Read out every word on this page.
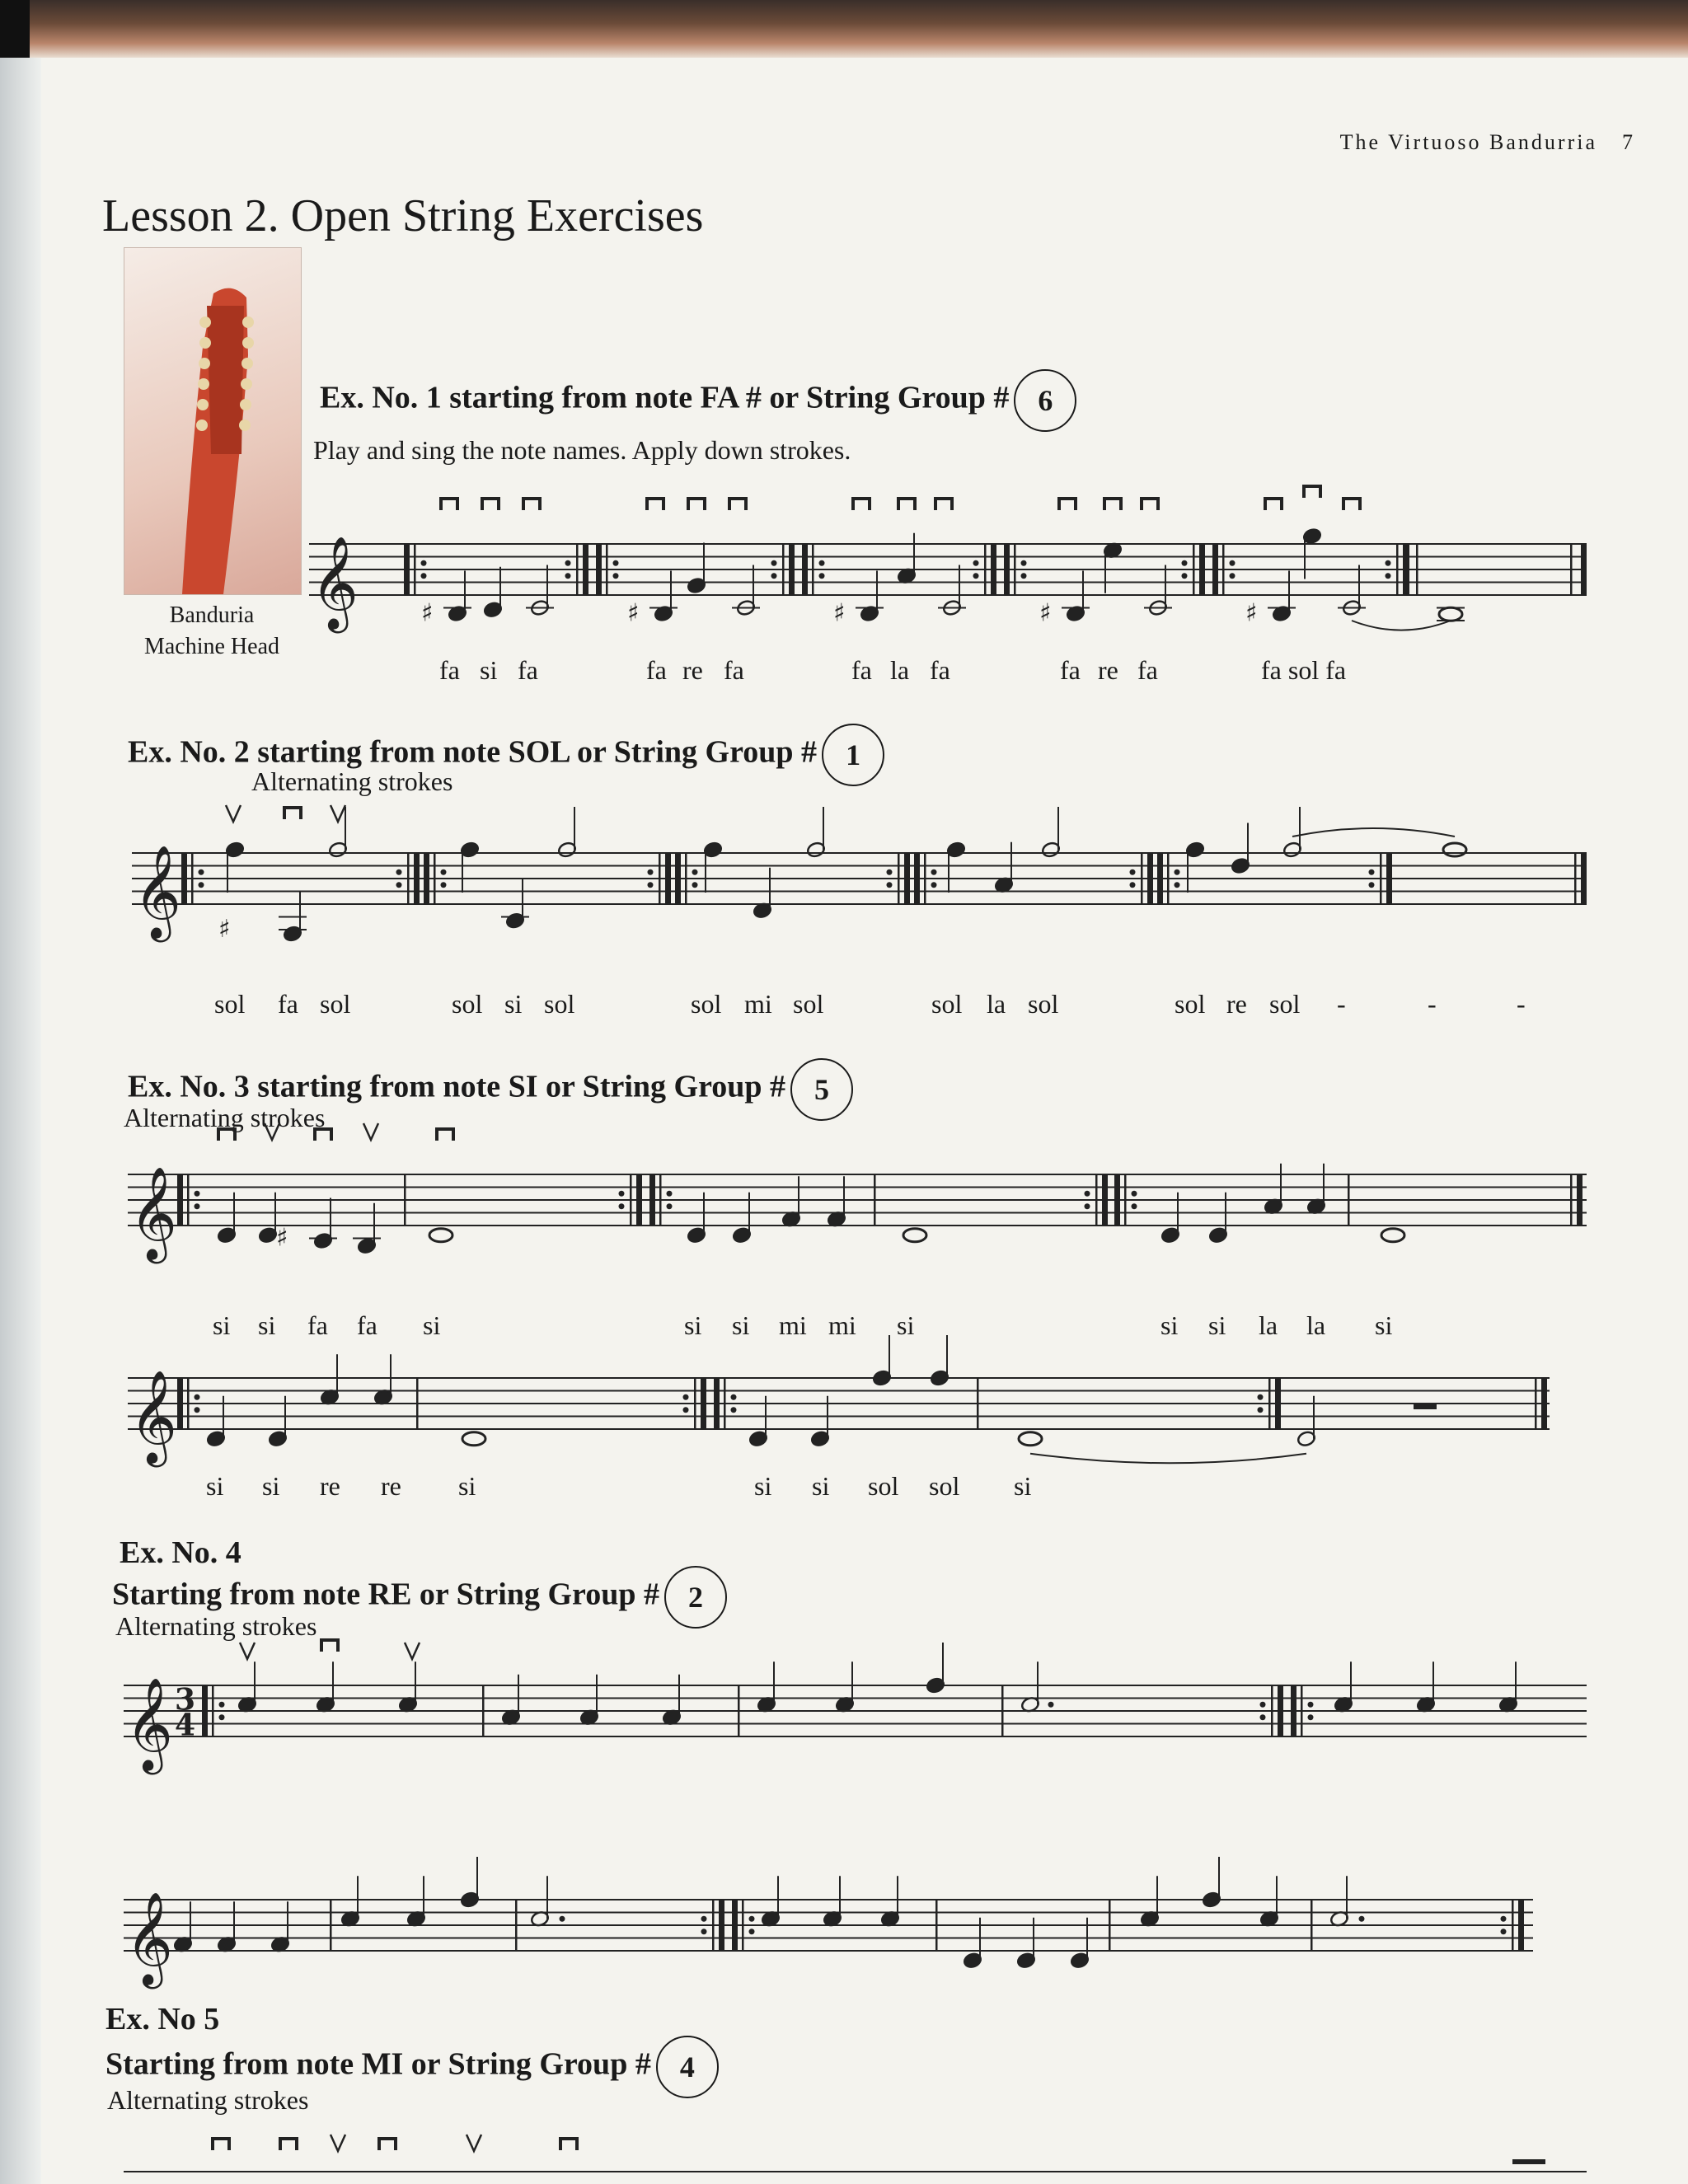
The Virtuoso Bandurria 7
Lesson 2. Open String Exercises
Banduria
Machine Head
Ex. No. 1 starting from note FA # or String Group # 6
Play and sing the note names. Apply down strokes.
fa si fa	fa re fa	fa la fa	fa re fa	fa sol fa
Ex. No. 2 starting from note SOL or String Group # 1
Alternating strokes
sol fa sol	sol si sol	sol mi sol	sol la sol	sol re sol -	-	-
Ex. No. 3 starting from note SI or String Group # 5
Alternating strokes
si si fa fa si	si si mi mi si	si si la la si
si si re re si	si si sol sol si
Ex. No. 4
Starting from note RE or String Group # 2
Alternating strokes
Ex. No 5
Starting from note MI or String Group # 4
Alternating strokes
𝄞	♯	♯	♯	♯	♯
𝄞 ♯
𝄞	♯
𝄞
𝄞 3
4
𝄞
